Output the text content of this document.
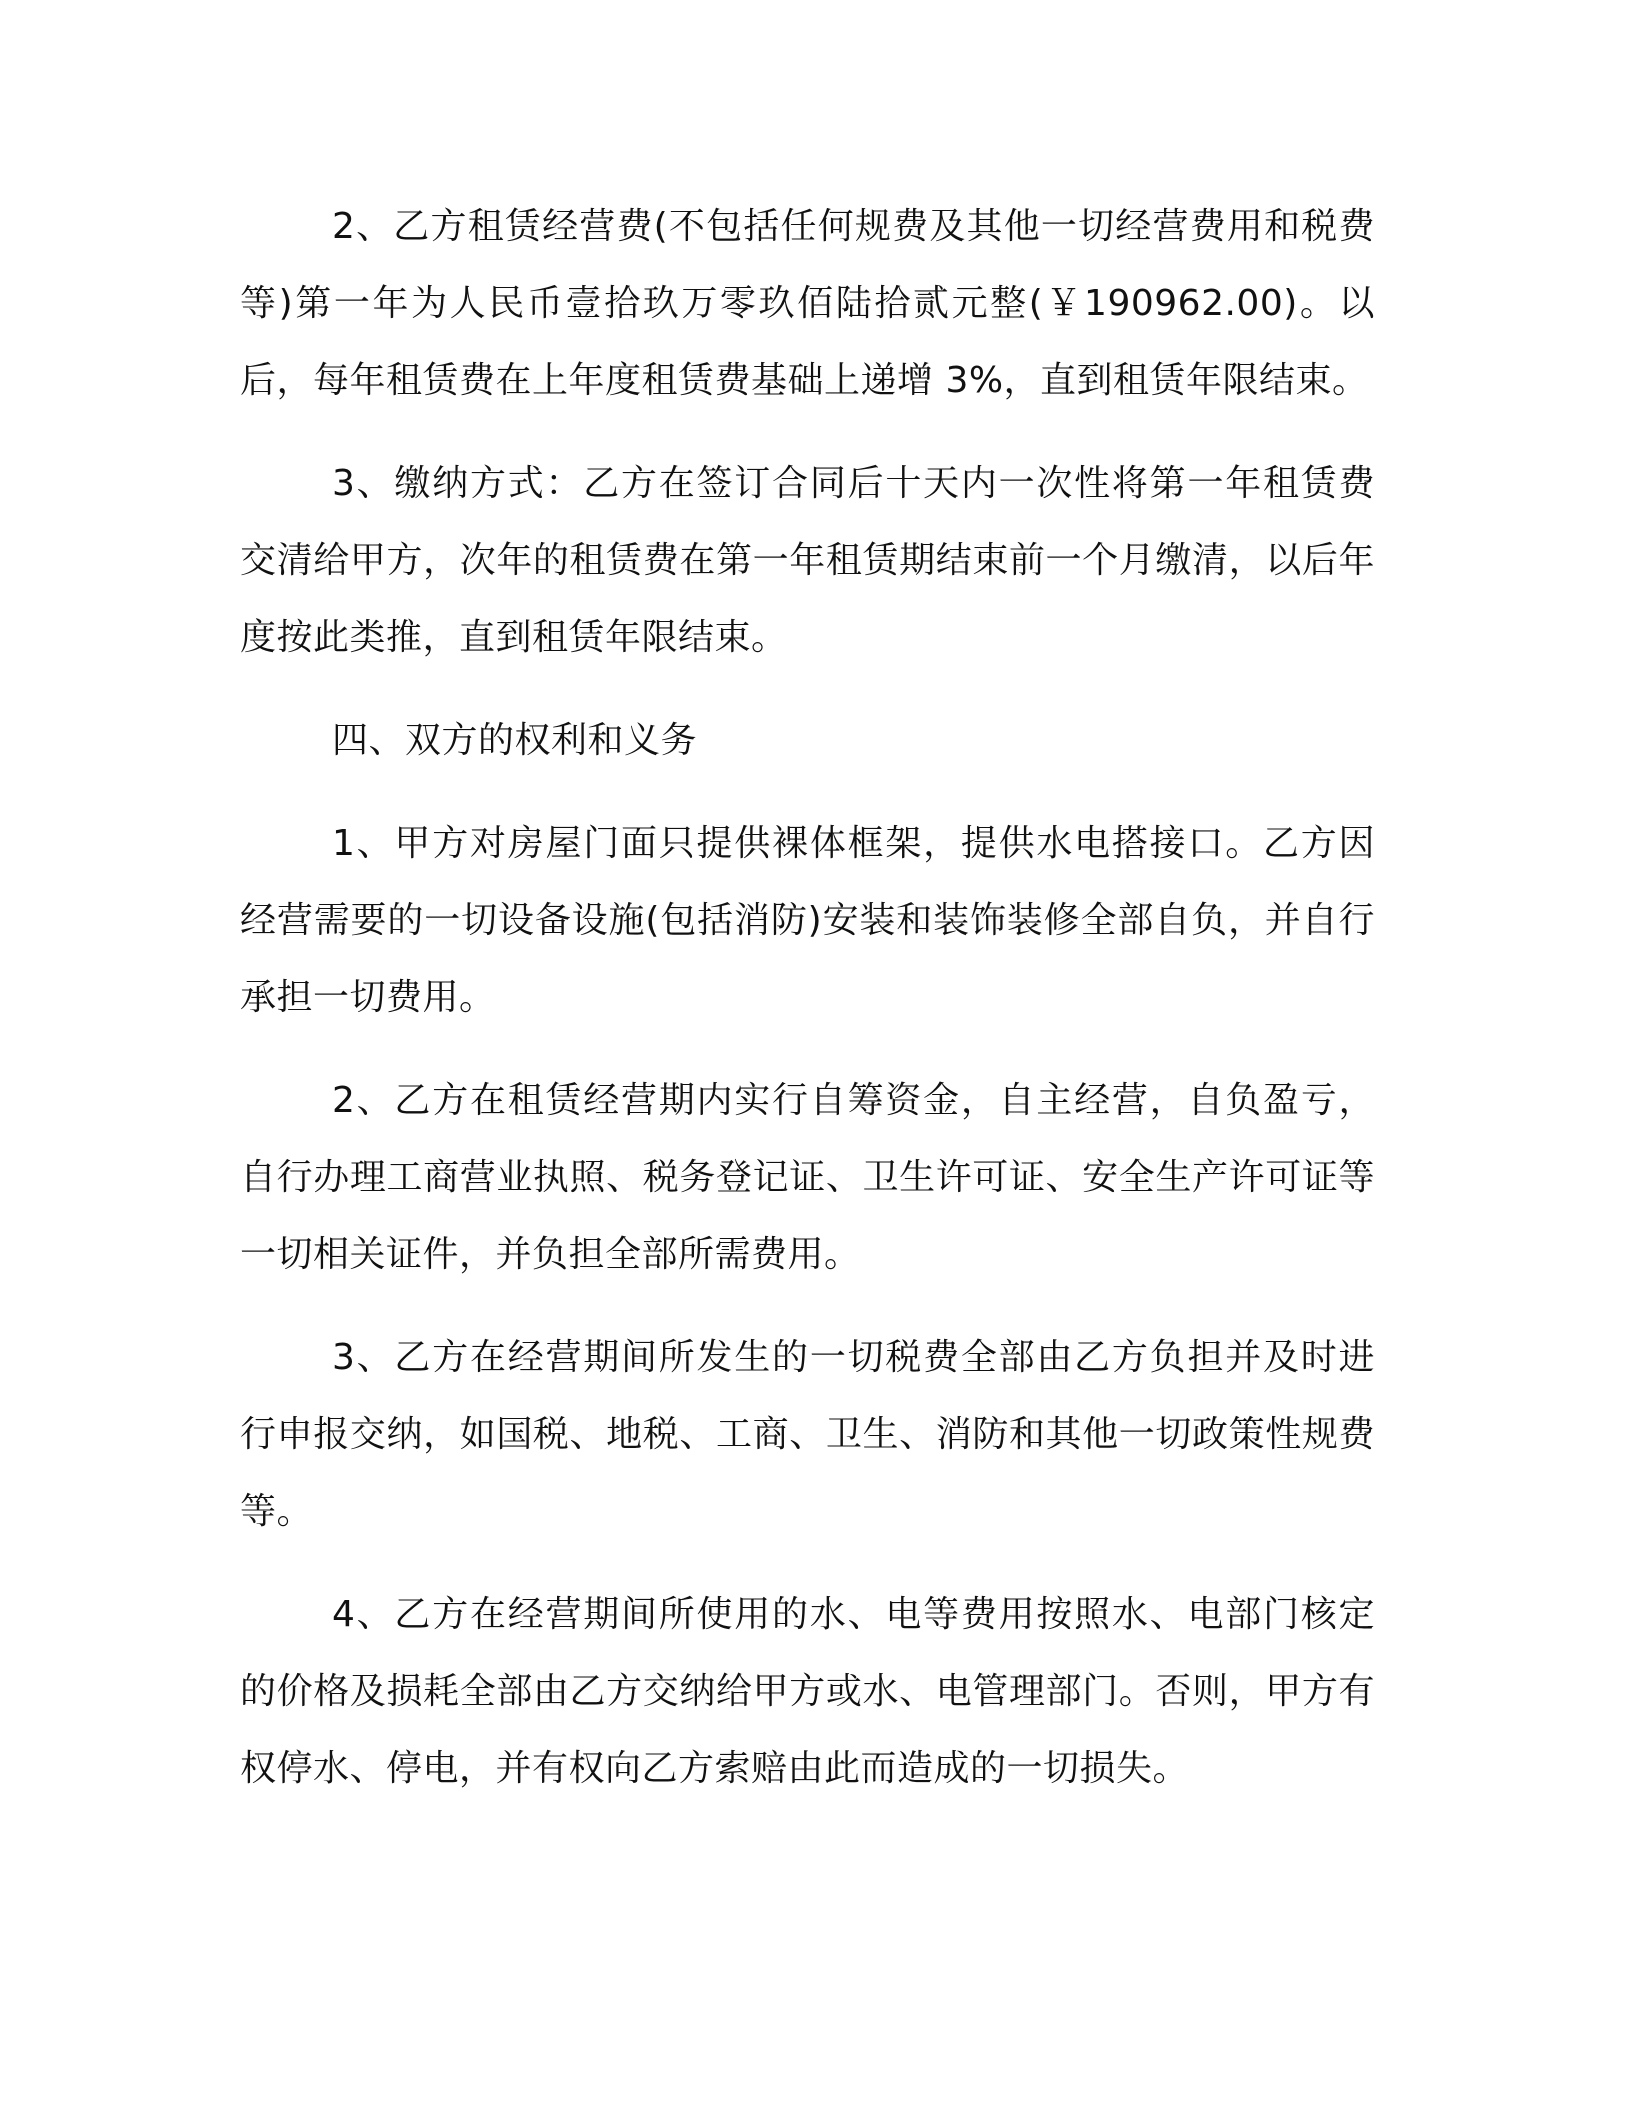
2、乙方租赁经营费(不包括任何规费及其他一切经营费用和税费等)第一年为人民币壹拾玖万零玖佰陆拾贰元整(￥190962.00)。以后，每年租赁费在上年度租赁费基础上递增 3%，直到租赁年限结束。

3、缴纳方式：乙方在签订合同后十天内一次性将第一年租赁费交清给甲方，次年的租赁费在第一年租赁期结束前一个月缴清，以后年度按此类推，直到租赁年限结束。

四、双方的权利和义务

1、甲方对房屋门面只提供裸体框架，提供水电搭接口。乙方因经营需要的一切设备设施(包括消防)安装和装饰装修全部自负，并自行承担一切费用。

2、乙方在租赁经营期内实行自筹资金，自主经营，自负盈亏，自行办理工商营业执照、税务登记证、卫生许可证、安全生产许可证等一切相关证件，并负担全部所需费用。

3、乙方在经营期间所发生的一切税费全部由乙方负担并及时进行申报交纳，如国税、地税、工商、卫生、消防和其他一切政策性规费等。

4、乙方在经营期间所使用的水、电等费用按照水、电部门核定的价格及损耗全部由乙方交纳给甲方或水、电管理部门。否则，甲方有权停水、停电，并有权向乙方索赔由此而造成的一切损失。
